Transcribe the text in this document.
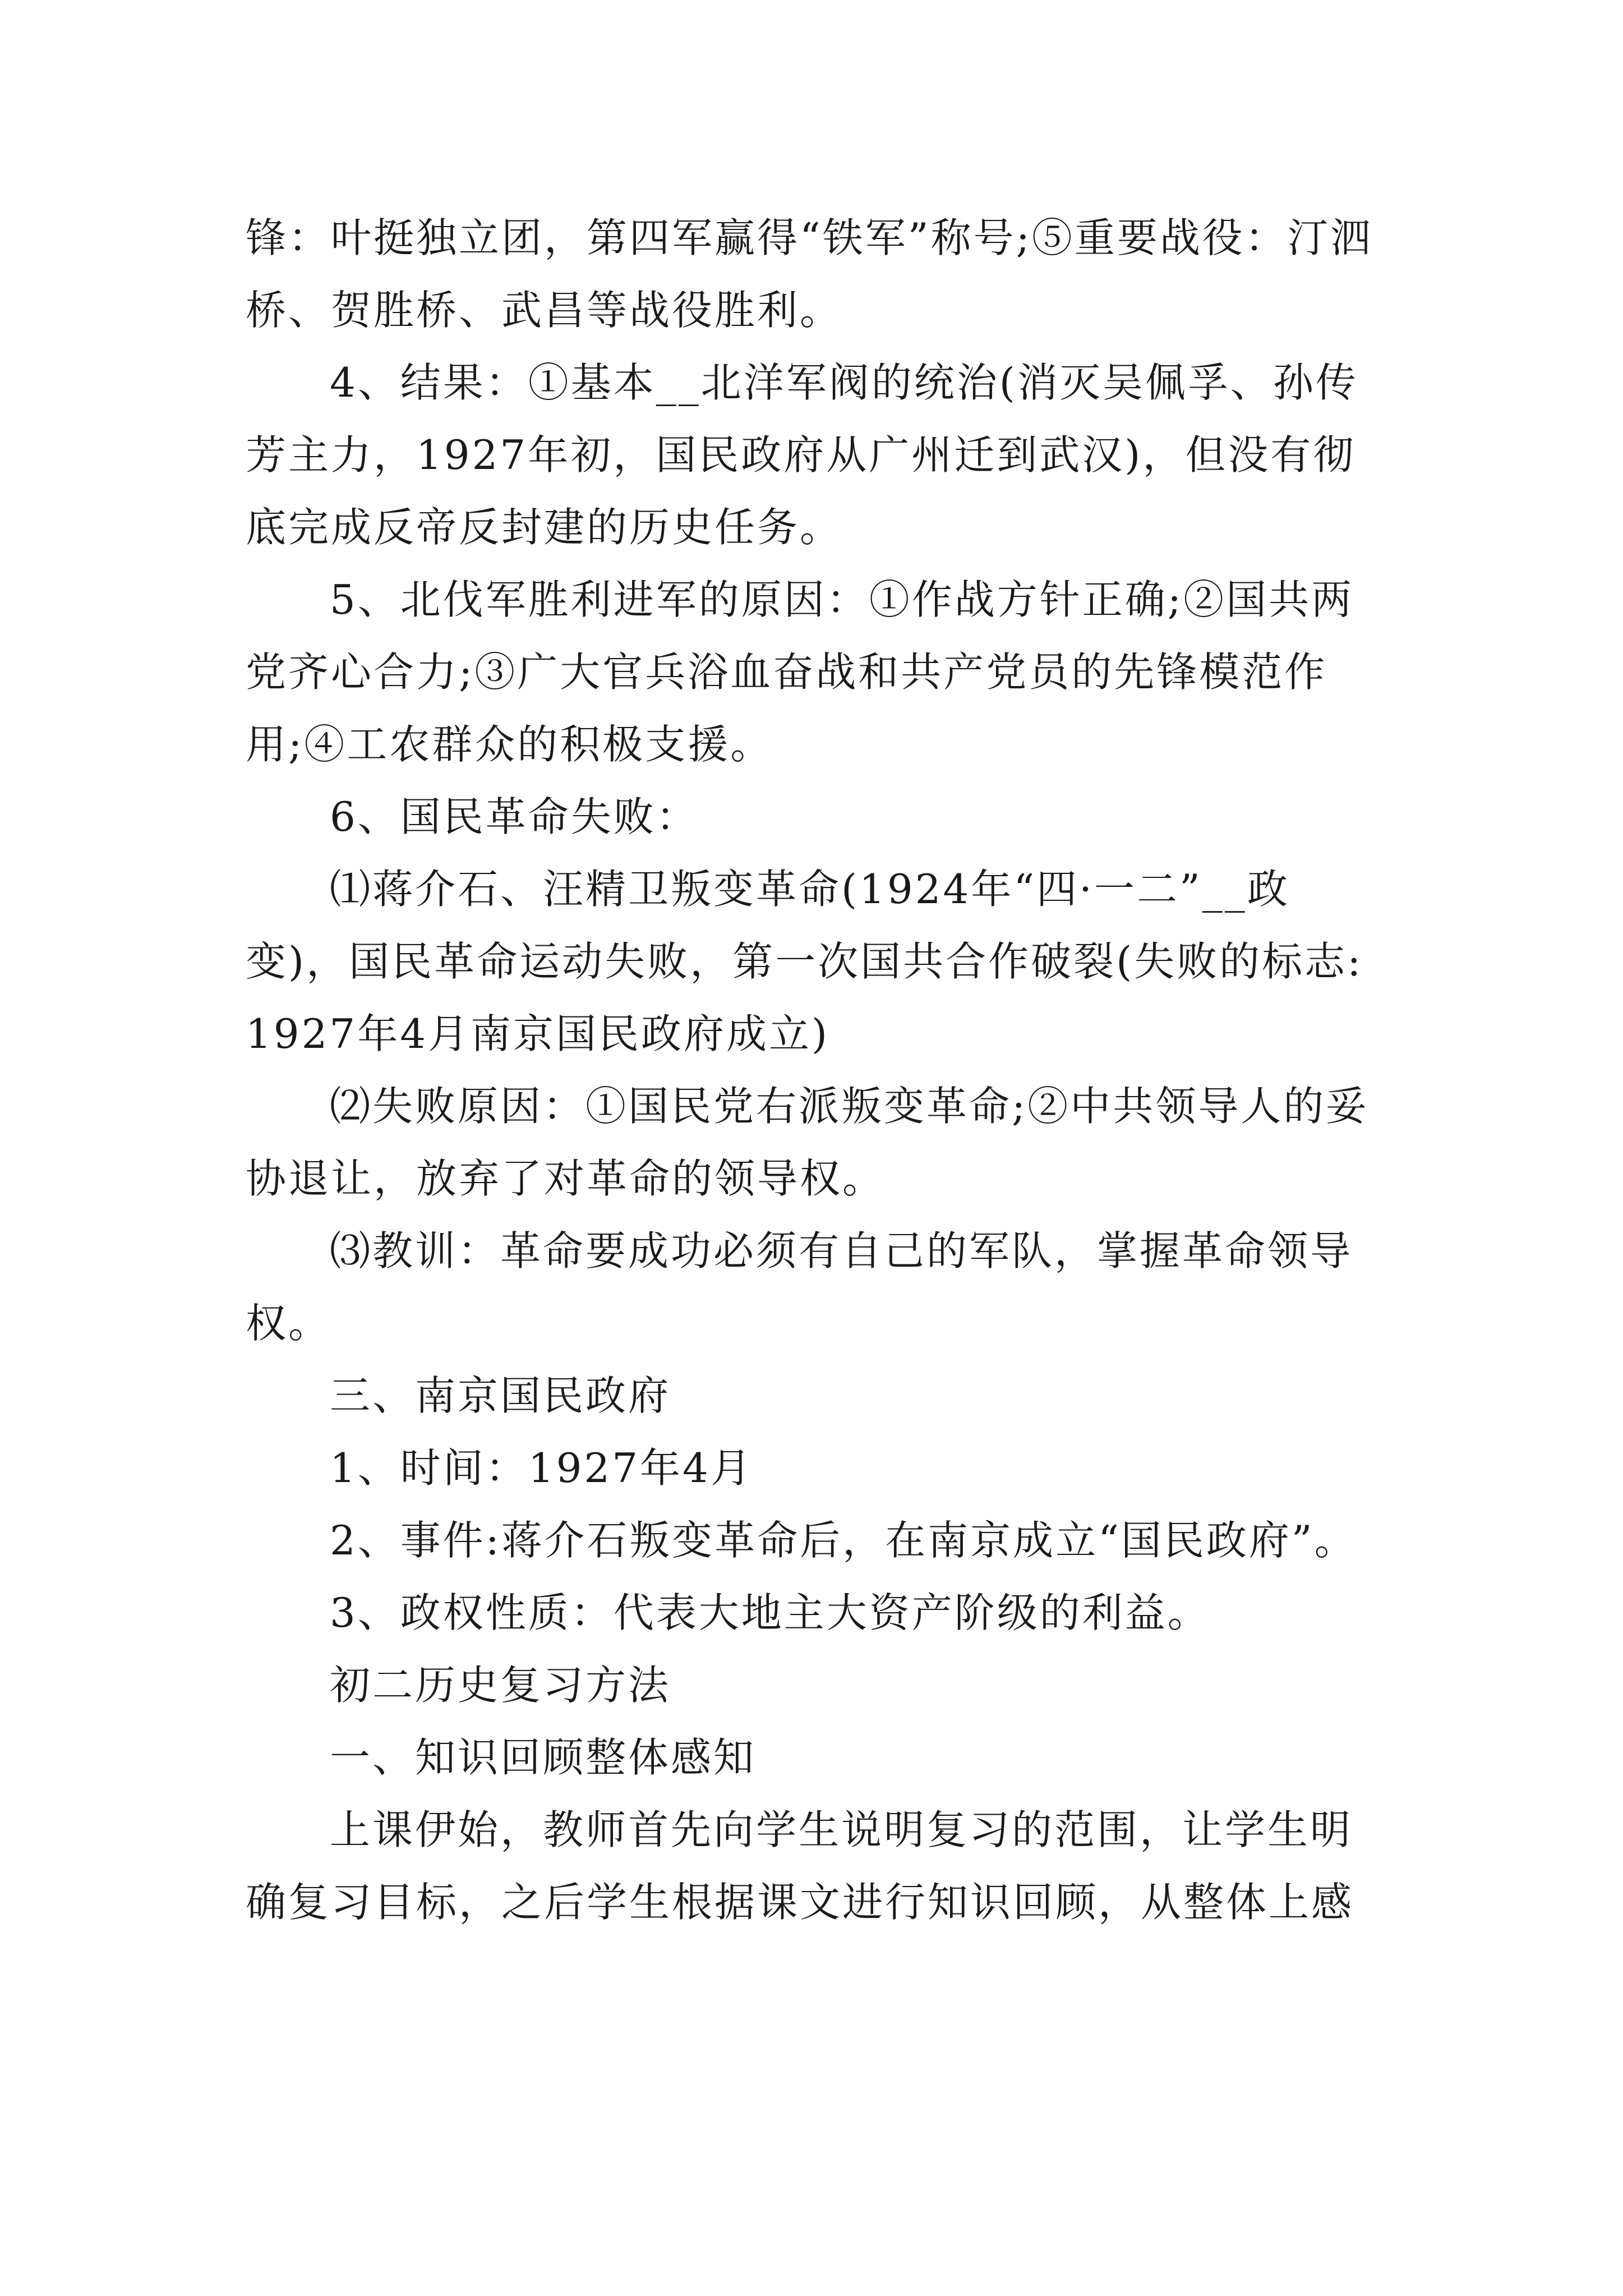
锋：叶挺独立团，第四军赢得“铁军”称号;⑤重要战役：汀泗桥、贺胜桥、武昌等战役胜利。

4、结果：①基本__北洋军阀的统治(消灭吴佩孚、孙传芳主力，1927年初，国民政府从广州迁到武汉)，但没有彻底完成反帝反封建的历史任务。

5、北伐军胜利进军的原因：①作战方针正确;②国共两党齐心合力;③广大官兵浴血奋战和共产党员的先锋模范作用;④工农群众的积极支援。

6、国民革命失败：

⑴蒋介石、汪精卫叛变革命(1924年“四·一二”__政变)，国民革命运动失败，第一次国共合作破裂(失败的标志:1927年4月南京国民政府成立)

⑵失败原因：①国民党右派叛变革命;②中共领导人的妥协退让，放弃了对革命的领导权。

⑶教训：革命要成功必须有自己的军队，掌握革命领导权。

三、南京国民政府

1、时间：1927年4月

2、事件:蒋介石叛变革命后，在南京成立“国民政府”。

3、政权性质：代表大地主大资产阶级的利益。

初二历史复习方法

一、知识回顾整体感知

上课伊始，教师首先向学生说明复习的范围，让学生明确复习目标，之后学生根据课文进行知识回顾，从整体上感
